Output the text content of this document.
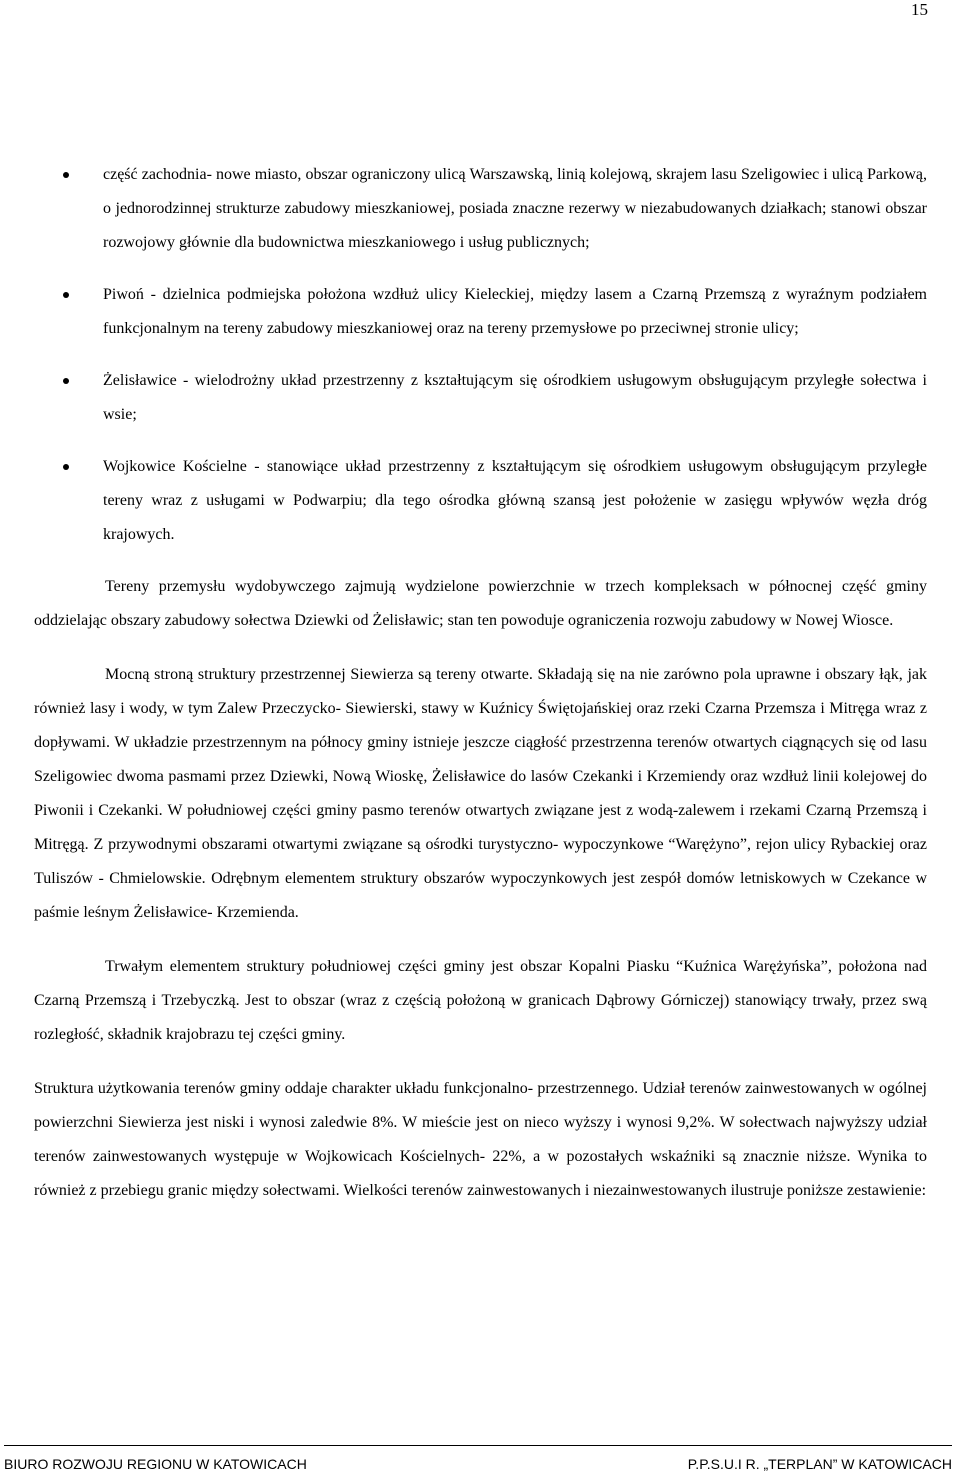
15
część zachodnia- nowe miasto, obszar ograniczony ulicą Warszawską, linią kolejową, skrajem lasu Szeligowiec i ulicą Parkową, o jednorodzinnej strukturze zabudowy mieszkaniowej, posiada znaczne rezerwy w niezabudowanych działkach; stanowi obszar rozwojowy głównie dla budownictwa mieszkaniowego i usług publicznych;
Piwoń - dzielnica podmiejska położona wzdłuż ulicy Kieleckiej, między lasem a Czarną Przemszą z wyraźnym podziałem funkcjonalnym na tereny zabudowy mieszkaniowej oraz na tereny przemysłowe po przeciwnej stronie ulicy;
Żelisławice - wielodrożny układ przestrzenny z kształtującym się ośrodkiem usługowym obsługującym przyległe sołectwa i wsie;
Wojkowice Kościelne - stanowiące układ przestrzenny z kształtującym się ośrodkiem usługowym obsługującym przyległe tereny wraz z usługami w Podwarpiu; dla tego ośrodka główną szansą jest położenie w zasięgu wpływów węzła dróg krajowych.

Tereny przemysłu wydobywczego zajmują wydzielone powierzchnie w trzech kompleksach w północnej część gminy oddzielając obszary zabudowy sołectwa Dziewki od Żelisławic; stan ten powoduje ograniczenia rozwoju zabudowy w Nowej Wiosce.

Mocną stroną struktury przestrzennej Siewierza są tereny otwarte. Składają się na nie zarówno pola uprawne i obszary łąk, jak również lasy i wody, w tym Zalew Przeczycko- Siewierski, stawy w Kuźnicy Świętojańskiej oraz rzeki Czarna Przemsza i Mitręga wraz z dopływami. W układzie przestrzennym na północy gminy istnieje jeszcze ciągłość przestrzenna terenów otwartych ciągnących się od lasu Szeligowiec dwoma pasmami przez Dziewki, Nową Wioskę, Żelisławice do lasów Czekanki i Krzemiendy oraz wzdłuż linii kolejowej do Piwonii i Czekanki. W południowej części gminy pasmo terenów otwartych związane jest z wodą-zalewem i rzekami Czarną Przemszą i Mitręgą. Z przywodnymi obszarami otwartymi związane są ośrodki turystyczno- wypoczynkowe “Warężyno”, rejon ulicy Rybackiej oraz Tuliszów - Chmielowskie. Odrębnym elementem struktury obszarów wypoczynkowych jest zespół domów letniskowych w Czekance w paśmie leśnym Żelisławice- Krzemienda.

Trwałym elementem struktury południowej części gminy jest obszar Kopalni Piasku “Kuźnica Warężyńska”, położona nad Czarną Przemszą i Trzebyczką. Jest to obszar (wraz z częścią położoną w granicach Dąbrowy Górniczej) stanowiący trwały, przez swą rozległość, składnik krajobrazu tej części gminy.

Struktura użytkowania terenów gminy oddaje charakter układu funkcjonalno- przestrzennego. Udział terenów zainwestowanych w ogólnej powierzchni Siewierza jest niski i wynosi zaledwie 8%. W mieście jest on nieco wyższy i wynosi 9,2%. W sołectwach najwyższy udział terenów zainwestowanych występuje w Wojkowicach Kościelnych- 22%, a w pozostałych wskaźniki są znacznie niższe. Wynika to również z przebiegu granic między sołectwami. Wielkości terenów zainwestowanych i niezainwestowanych ilustruje poniższe zestawienie:

BIURO ROZWOJU REGIONU W KATOWICACH	P.P.S.U.I R. „TERPLAN” W KATOWICACH
